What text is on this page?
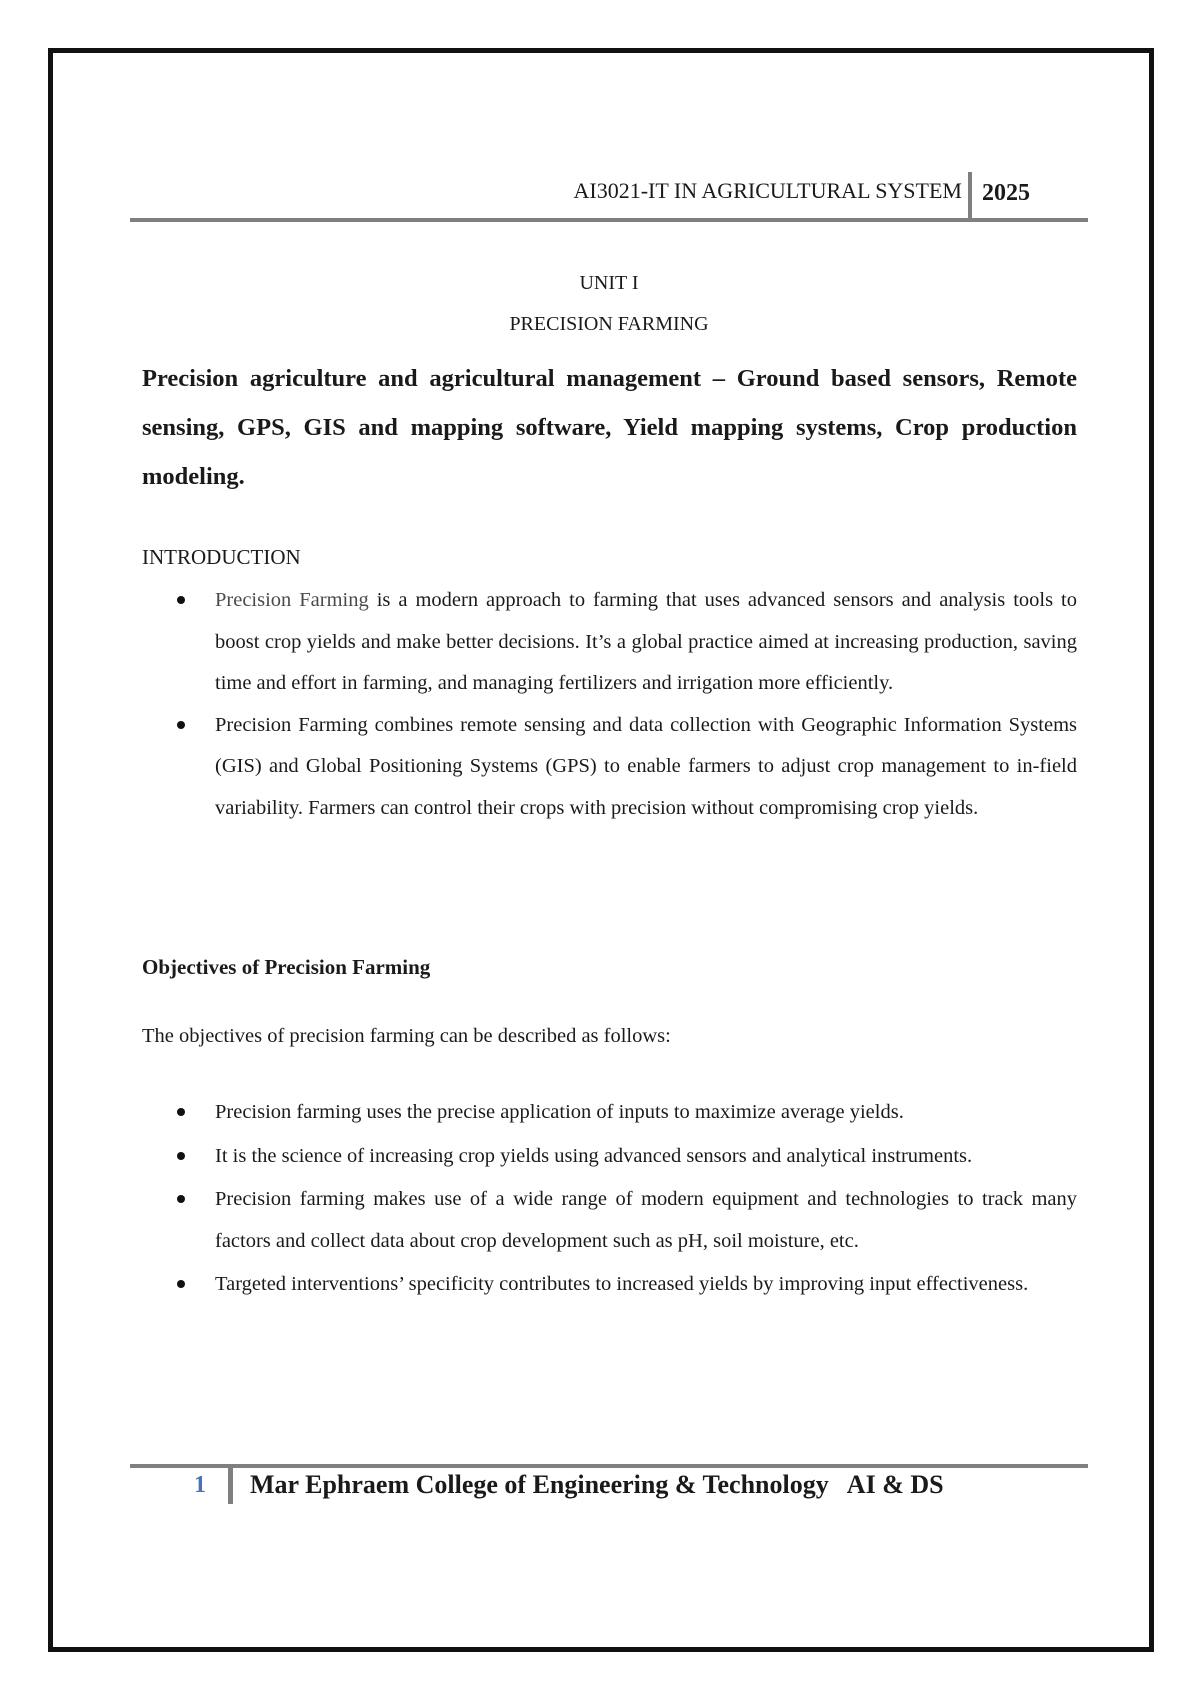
AI3021-IT IN AGRICULTURAL SYSTEM 2025
UNIT I
PRECISION FARMING

Precision agriculture and agricultural management – Ground based sensors, Remote sensing, GPS, GIS and mapping software, Yield mapping systems, Crop production modeling.

INTRODUCTION

Precision Farming is a modern approach to farming that uses advanced sensors and analysis tools to boost crop yields and make better decisions. It’s a global practice aimed at increasing production, saving time and effort in farming, and managing fertilizers and irrigation more efficiently.
Precision Farming combines remote sensing and data collection with Geographic Information Systems (GIS) and Global Positioning Systems (GPS) to enable farmers to adjust crop management to in-field variability. Farmers can control their crops with precision without compromising crop yields.

Objectives of Precision Farming

The objectives of precision farming can be described as follows:

Precision farming uses the precise application of inputs to maximize average yields.
It is the science of increasing crop yields using advanced sensors and analytical instruments.
Precision farming makes use of a wide range of modern equipment and technologies to track many factors and collect data about crop development such as pH, soil moisture, etc.
Targeted interventions’ specificity contributes to increased yields by improving input effectiveness.
1 Mar Ephraem College of Engineering & Technology   AI & DS
